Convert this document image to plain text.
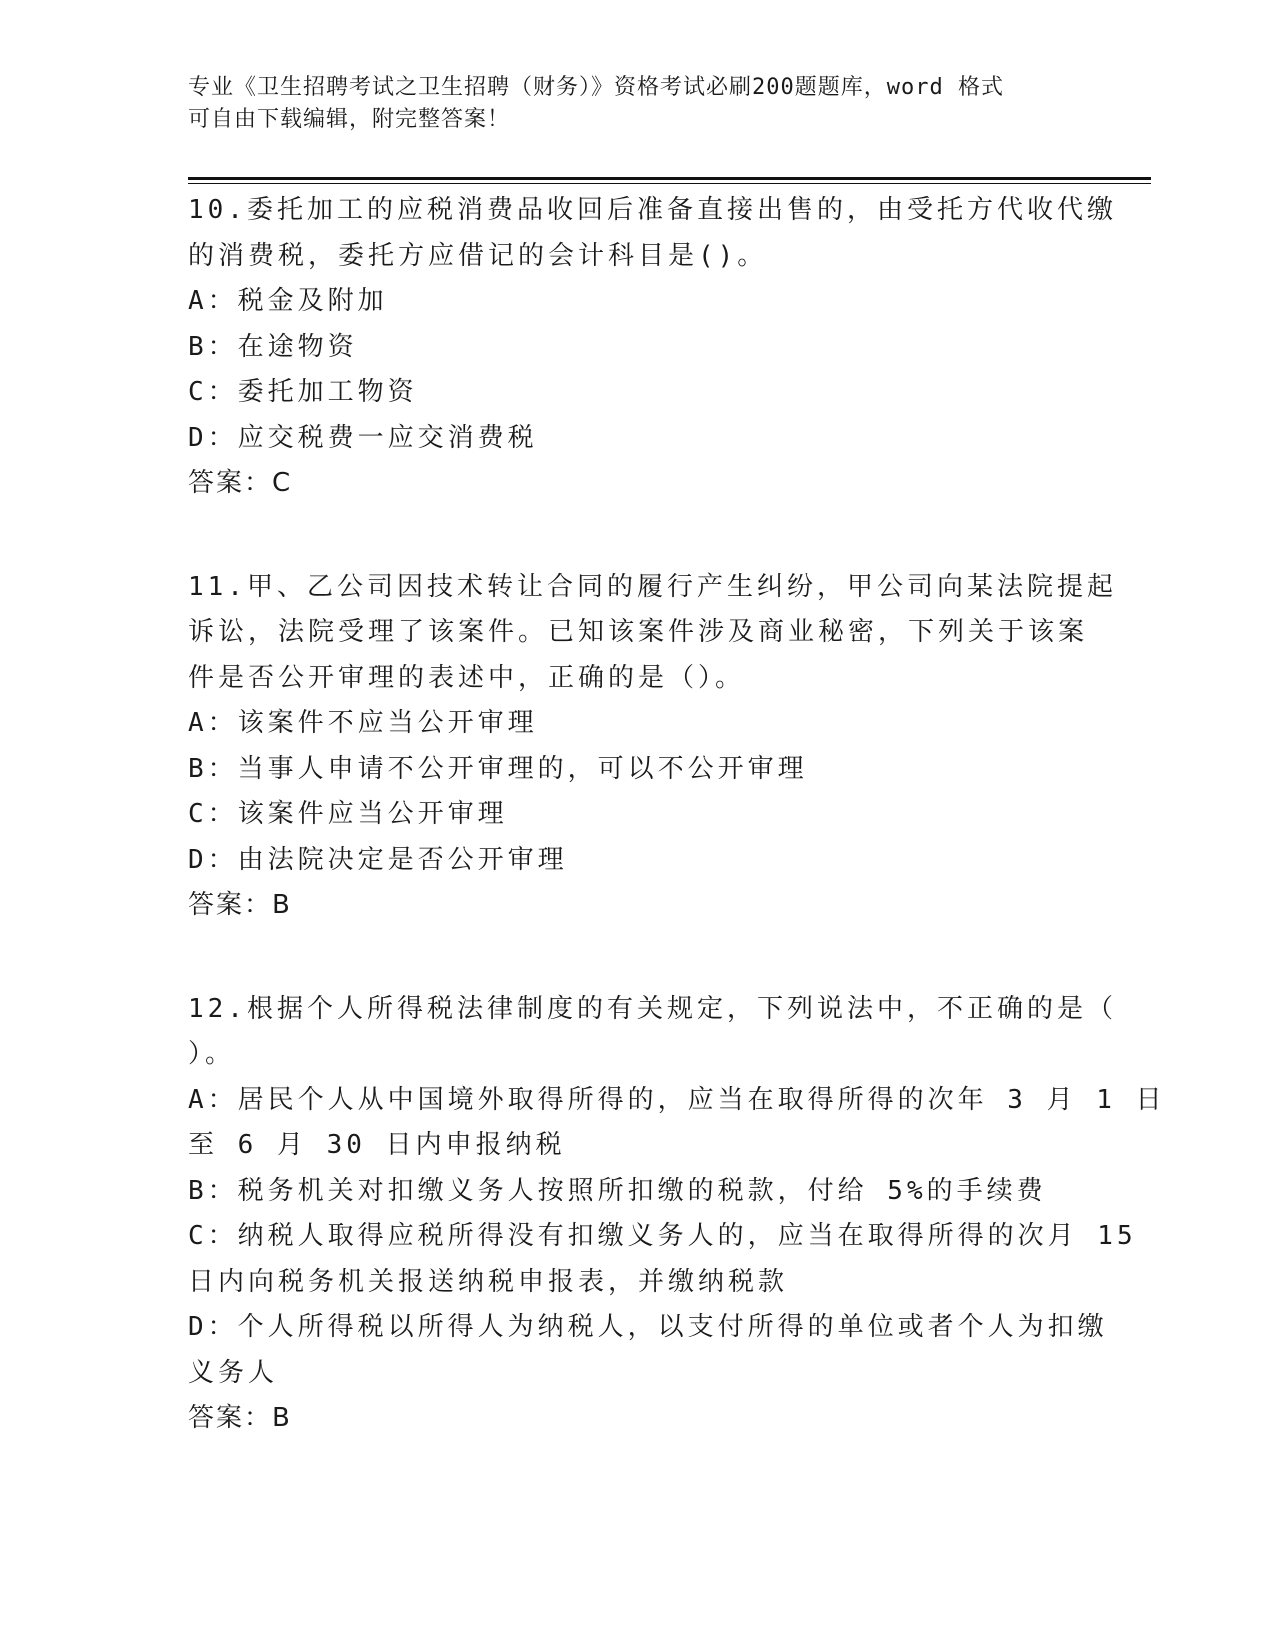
专业《卫生招聘考试之卫生招聘（财务）》资格考试必刷200题题库，word 格式
可自由下载编辑，附完整答案！
10.委托加工的应税消费品收回后准备直接出售的，由受托方代收代缴
的消费税，委托方应借记的会计科目是()。
A：税金及附加
B：在途物资
C：委托加工物资
D：应交税费一应交消费税
答案：C
11.甲、乙公司因技术转让合同的履行产生纠纷，甲公司向某法院提起
诉讼，法院受理了该案件。已知该案件涉及商业秘密，下列关于该案
件是否公开审理的表述中，正确的是（）。
A：该案件不应当公开审理
B：当事人申请不公开审理的，可以不公开审理
C：该案件应当公开审理
D：由法院决定是否公开审理
答案：B
12.根据个人所得税法律制度的有关规定，下列说法中，不正确的是（
）。
A：居民个人从中国境外取得所得的，应当在取得所得的次年 3 月 1 日
至 6 月 30 日内申报纳税
B：税务机关对扣缴义务人按照所扣缴的税款，付给 5%的手续费
C：纳税人取得应税所得没有扣缴义务人的，应当在取得所得的次月 15
日内向税务机关报送纳税申报表，并缴纳税款
D：个人所得税以所得人为纳税人，以支付所得的单位或者个人为扣缴
义务人
答案：B
